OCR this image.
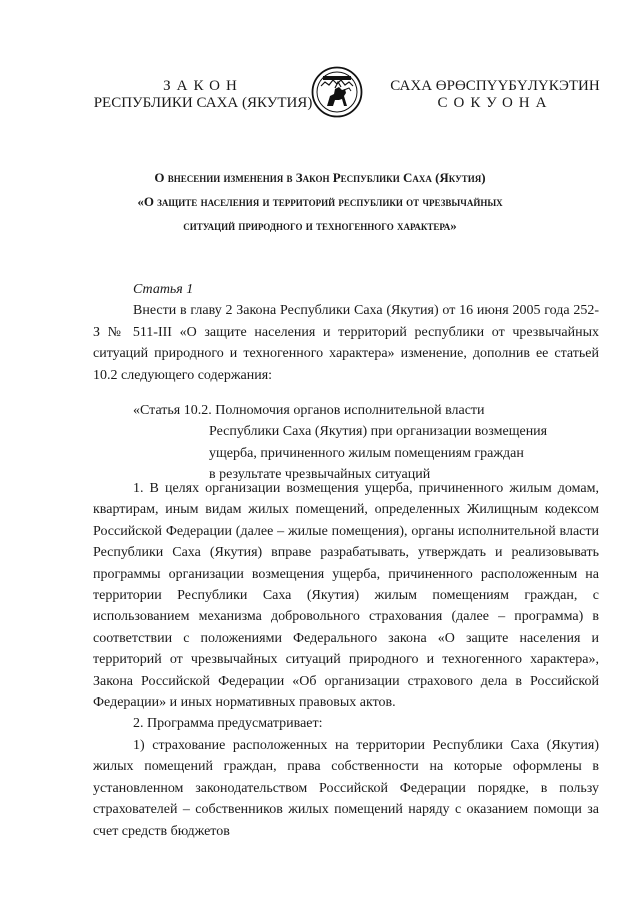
ЗАКОН
РЕСПУБЛИКИ САХА (ЯКУТИЯ)
САХА ӨРӨСПҮҮБҮЛҮКЭТИН
СОКУОНА
О внесении изменения в Закон Республики Саха (Якутия)
«О защите населения и территорий республики от чрезвычайных
ситуаций природного и техногенного характера»

Статья 1

Внести в главу 2 Закона Республики Саха (Якутия) от 16 июня 2005 года 252-З № 511-III «О защите населения и территорий республики от чрезвычайных ситуаций природного и техногенного характера» изменение, дополнив ее статьей 10.2 следующего содержания:

«Статья 10.2. Полномочия органов исполнительной власти
Республики Саха (Якутия) при организации возмещения
ущерба, причиненного жилым помещениям граждан
в результате чрезвычайных ситуаций

1. В целях организации возмещения ущерба, причиненного жилым домам, квартирам, иным видам жилых помещений, определенных Жилищным кодексом Российской Федерации (далее – жилые помещения), органы исполнительной власти Республики Саха (Якутия) вправе разрабатывать, утверждать и реализовывать программы организации возмещения ущерба, причиненного расположенным на территории Республики Саха (Якутия) жилым помещениям граждан, с использованием механизма добровольного страхования (далее – программа) в соответствии с положениями Федерального закона «О защите населения и территорий от чрезвычайных ситуаций природного и техногенного характера», Закона Российской Федерации «Об организации страхового дела в Российской Федерации» и иных нормативных правовых актов.

2. Программа предусматривает:

1) страхование расположенных на территории Республики Саха (Якутия) жилых помещений граждан, права собственности на которые оформлены в установленном законодательством Российской Федерации порядке, в пользу страхователей – собственников жилых помещений наряду с оказанием помощи за счет средств бюджетов
